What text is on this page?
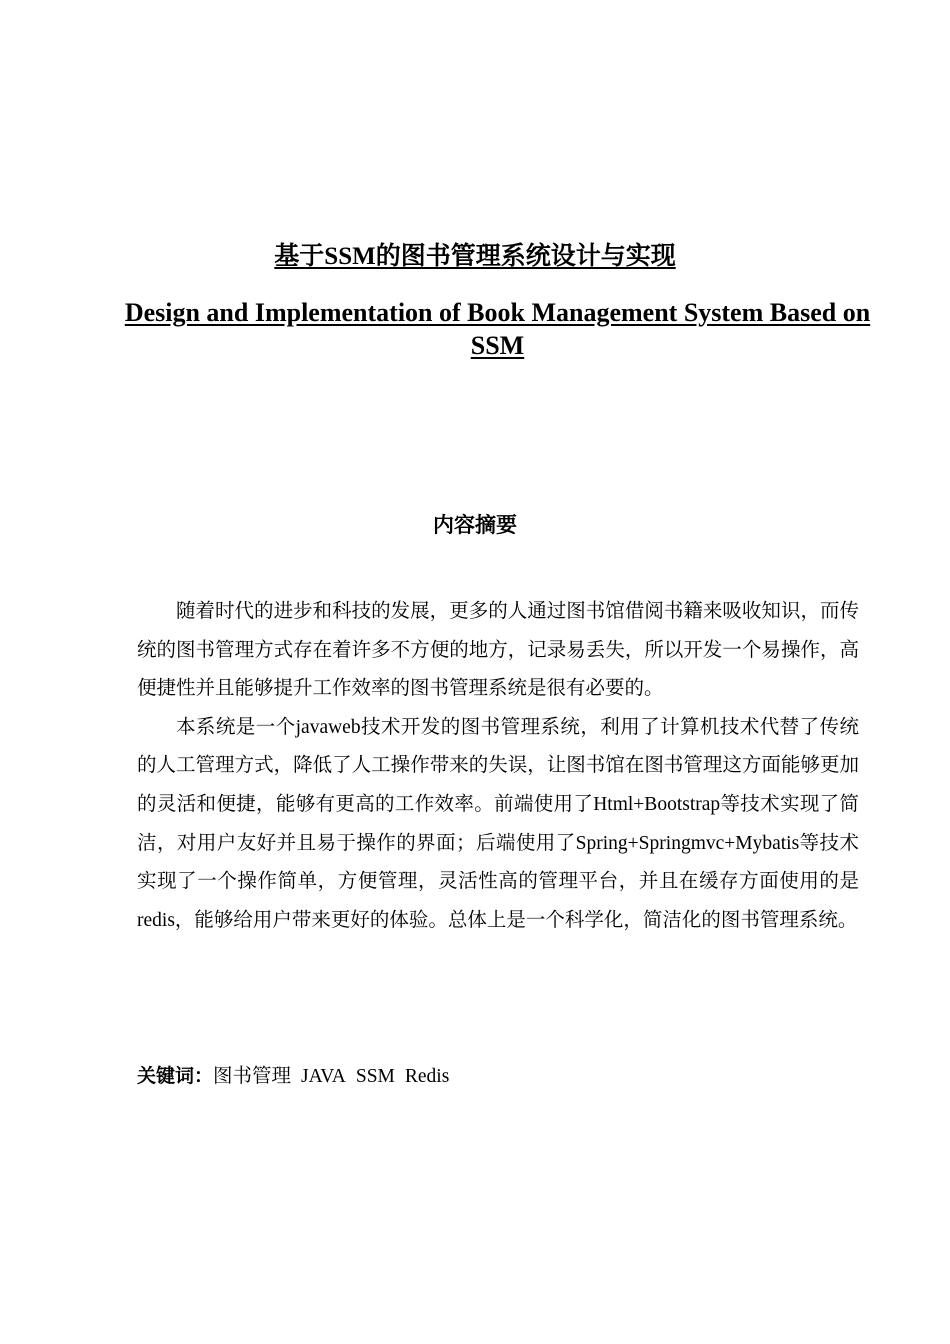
基于SSM的图书管理系统设计与实现
Design and Implementation of Book Management System Based on SSM
内容摘要

随着时代的进步和科技的发展，更多的人通过图书馆借阅书籍来吸收知识，而传统的图书管理方式存在着许多不方便的地方，记录易丢失，所以开发一个易操作，高便捷性并且能够提升工作效率的图书管理系统是很有必要的。

本系统是一个javaweb技术开发的图书管理系统，利用了计算机技术代替了传统的人工管理方式，降低了人工操作带来的失误，让图书馆在图书管理这方面能够更加的灵活和便捷，能够有更高的工作效率。前端使用了Html+Bootstrap等技术实现了简洁，对用户友好并且易于操作的界面；后端使用了Spring+Springmvc+Mybatis等技术实现了一个操作简单，方便管理，灵活性高的管理平台，并且在缓存方面使用的是redis，能够给用户带来更好的体验。总体上是一个科学化，简洁化的图书管理系统。

关键词：图书管理 JAVA SSM Redis
